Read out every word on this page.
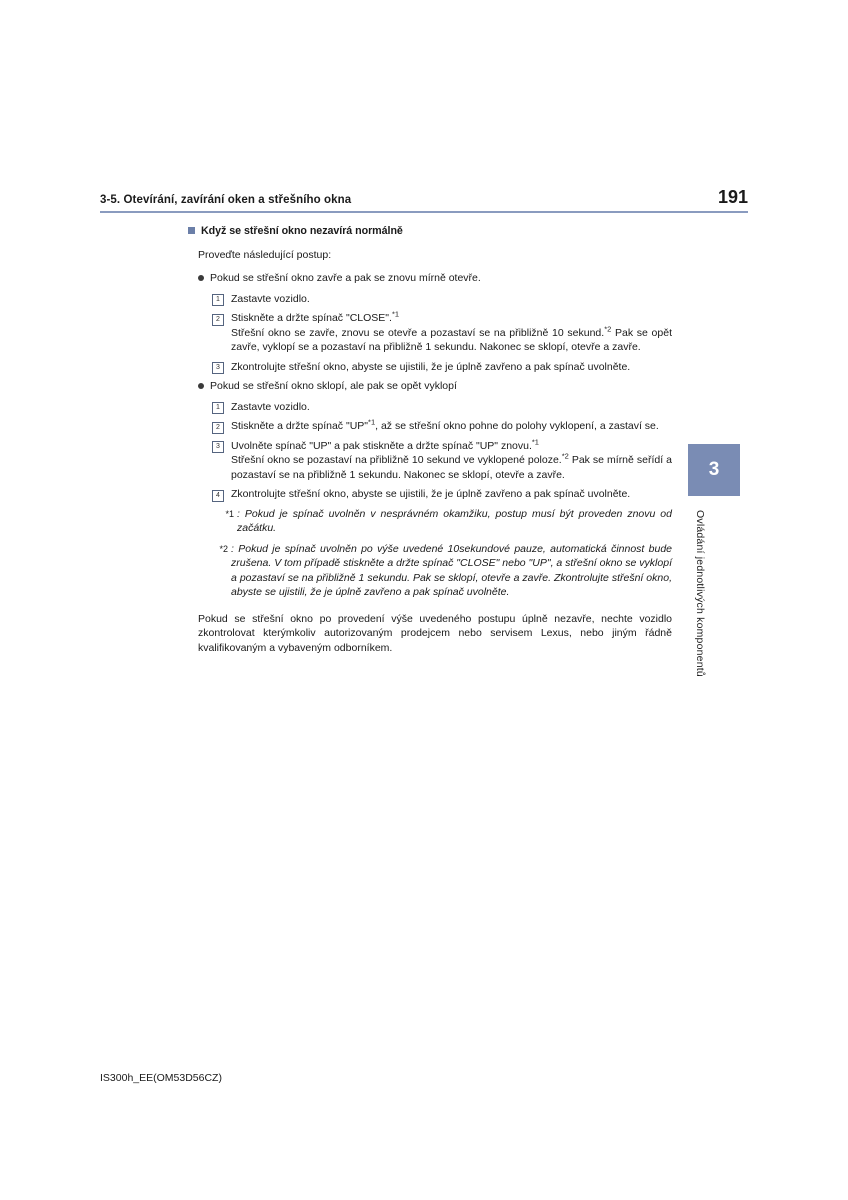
3-5. Otevírání, zavírání oken a střešního okna	191
Když se střešní okno nezavírá normálně
Proveďte následující postup:
Pokud se střešní okno zavře a pak se znovu mírně otevře.
1	Zastavte vozidlo.
2	Stiskněte a držte spínač "CLOSE".$^{*1}$
Střešní okno se zavře, znovu se otevře a pozastaví se na přibližně 10 sekund.$^{*2}$ Pak se opět zavře, vyklopí se a pozastaví na přibližně 1 sekundu. Nakonec se sklopí, otevře a zavře.
3	Zkontrolujte střešní okno, abyste se ujistili, že je úplně zavřeno a pak spínač uvolněte.
Pokud se střešní okno sklopí, ale pak se opět vyklopí
1	Zastavte vozidlo.
2	Stiskněte a držte spínač "UP"$^{*1}$, až se střešní okno pohne do polohy vyklopení, a zastaví se.
3	Uvolněte spínač "UP" a pak stiskněte a držte spínač "UP" znovu.$^{*1}$
Střešní okno se pozastaví na přibližně 10 sekund ve vyklopené poloze.$^{*2}$ Pak se mírně seřídí a pozastaví se na přibližně 1 sekundu. Nakonec se sklopí, otevře a zavře.
4	Zkontrolujte střešní okno, abyste se ujistili, že je úplně zavřeno a pak spínač uvolněte.
*1 : Pokud je spínač uvolněn v nesprávném okamžiku, postup musí být proveden znovu od začátku.
*2 : Pokud je spínač uvolněn po výše uvedené 10sekundové pauze, automatická činnost bude zrušena. V tom případě stiskněte a držte spínač "CLOSE" nebo "UP", a střešní okno se vyklopí a pozastaví se na přibližně 1 sekundu. Pak se sklopí, otevře a zavře. Zkontrolujte střešní okno, abyste se ujistili, že je úplně zavřeno a pak spínač uvolněte.
Pokud se střešní okno po provedení výše uvedeného postupu úplně nezavře, nechte vozidlo zkontrolovat kterýmkoliv autorizovaným prodejcem nebo servisem Lexus, nebo jiným řádně kvalifikovaným a vybaveným odborníkem.
3
Ovládání jednotlivých komponentů
IS300h_EE(OM53D56CZ)
